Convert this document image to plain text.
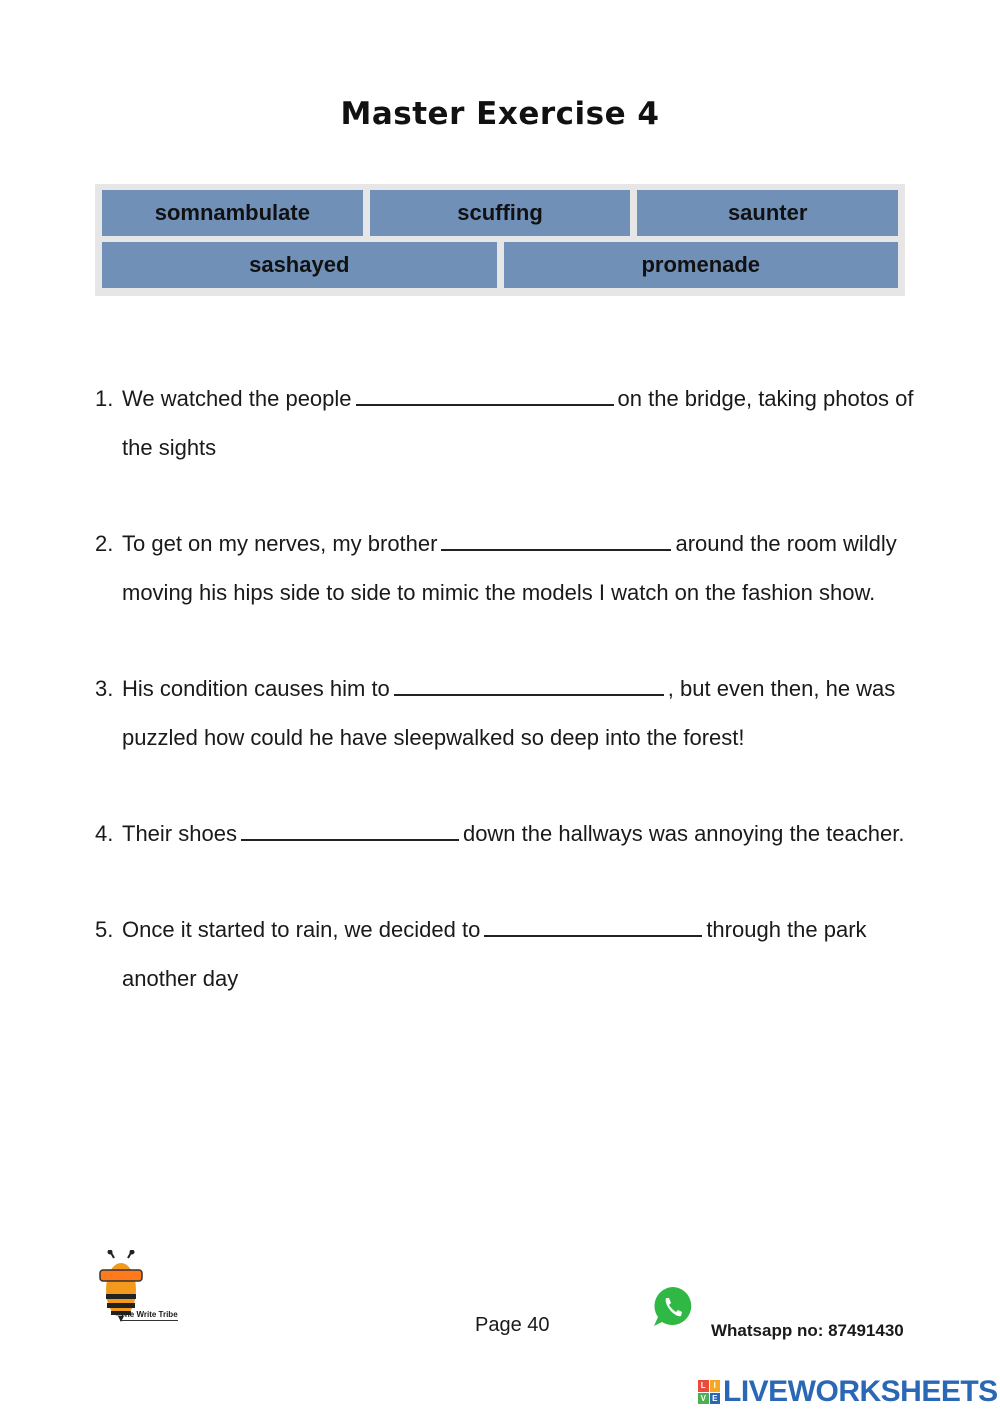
Master Exercise 4
somnambulate	scuffing	saunter
sashayed	promenade
1. We watched the people	on the bridge, taking photos of the sights
2. To get on my nerves, my brother	around the room wildly moving his hips side to side to mimic the models I watch on the fashion show.
3. His condition causes him to	, but even then, he was puzzled how could he have sleepwalked so deep into the forest!
4. Their shoes	down the hallways was annoying the teacher.
5. Once it started to rain, we decided to	through the park another day
The Write Tribe	Page 40	Whatsapp no: 87491430
L I
V E LIVEWORKSHEETS
